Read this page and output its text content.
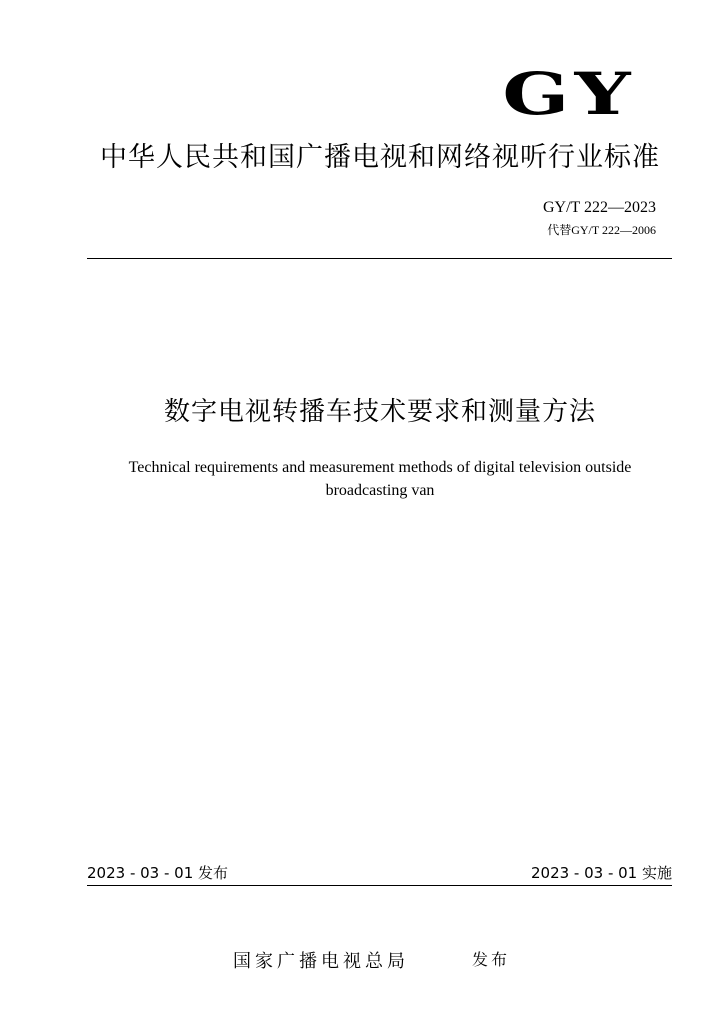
GY
中华人民共和国广播电视和网络视听行业标准
GY/T 222—2023
代替GY/T 222—2006
数字电视转播车技术要求和测量方法
Technical requirements and measurement methods of digital television outside broadcasting van
2023 - 03 - 01 发布	2023 - 03 - 01 实施
国家广播电视总局	发布
